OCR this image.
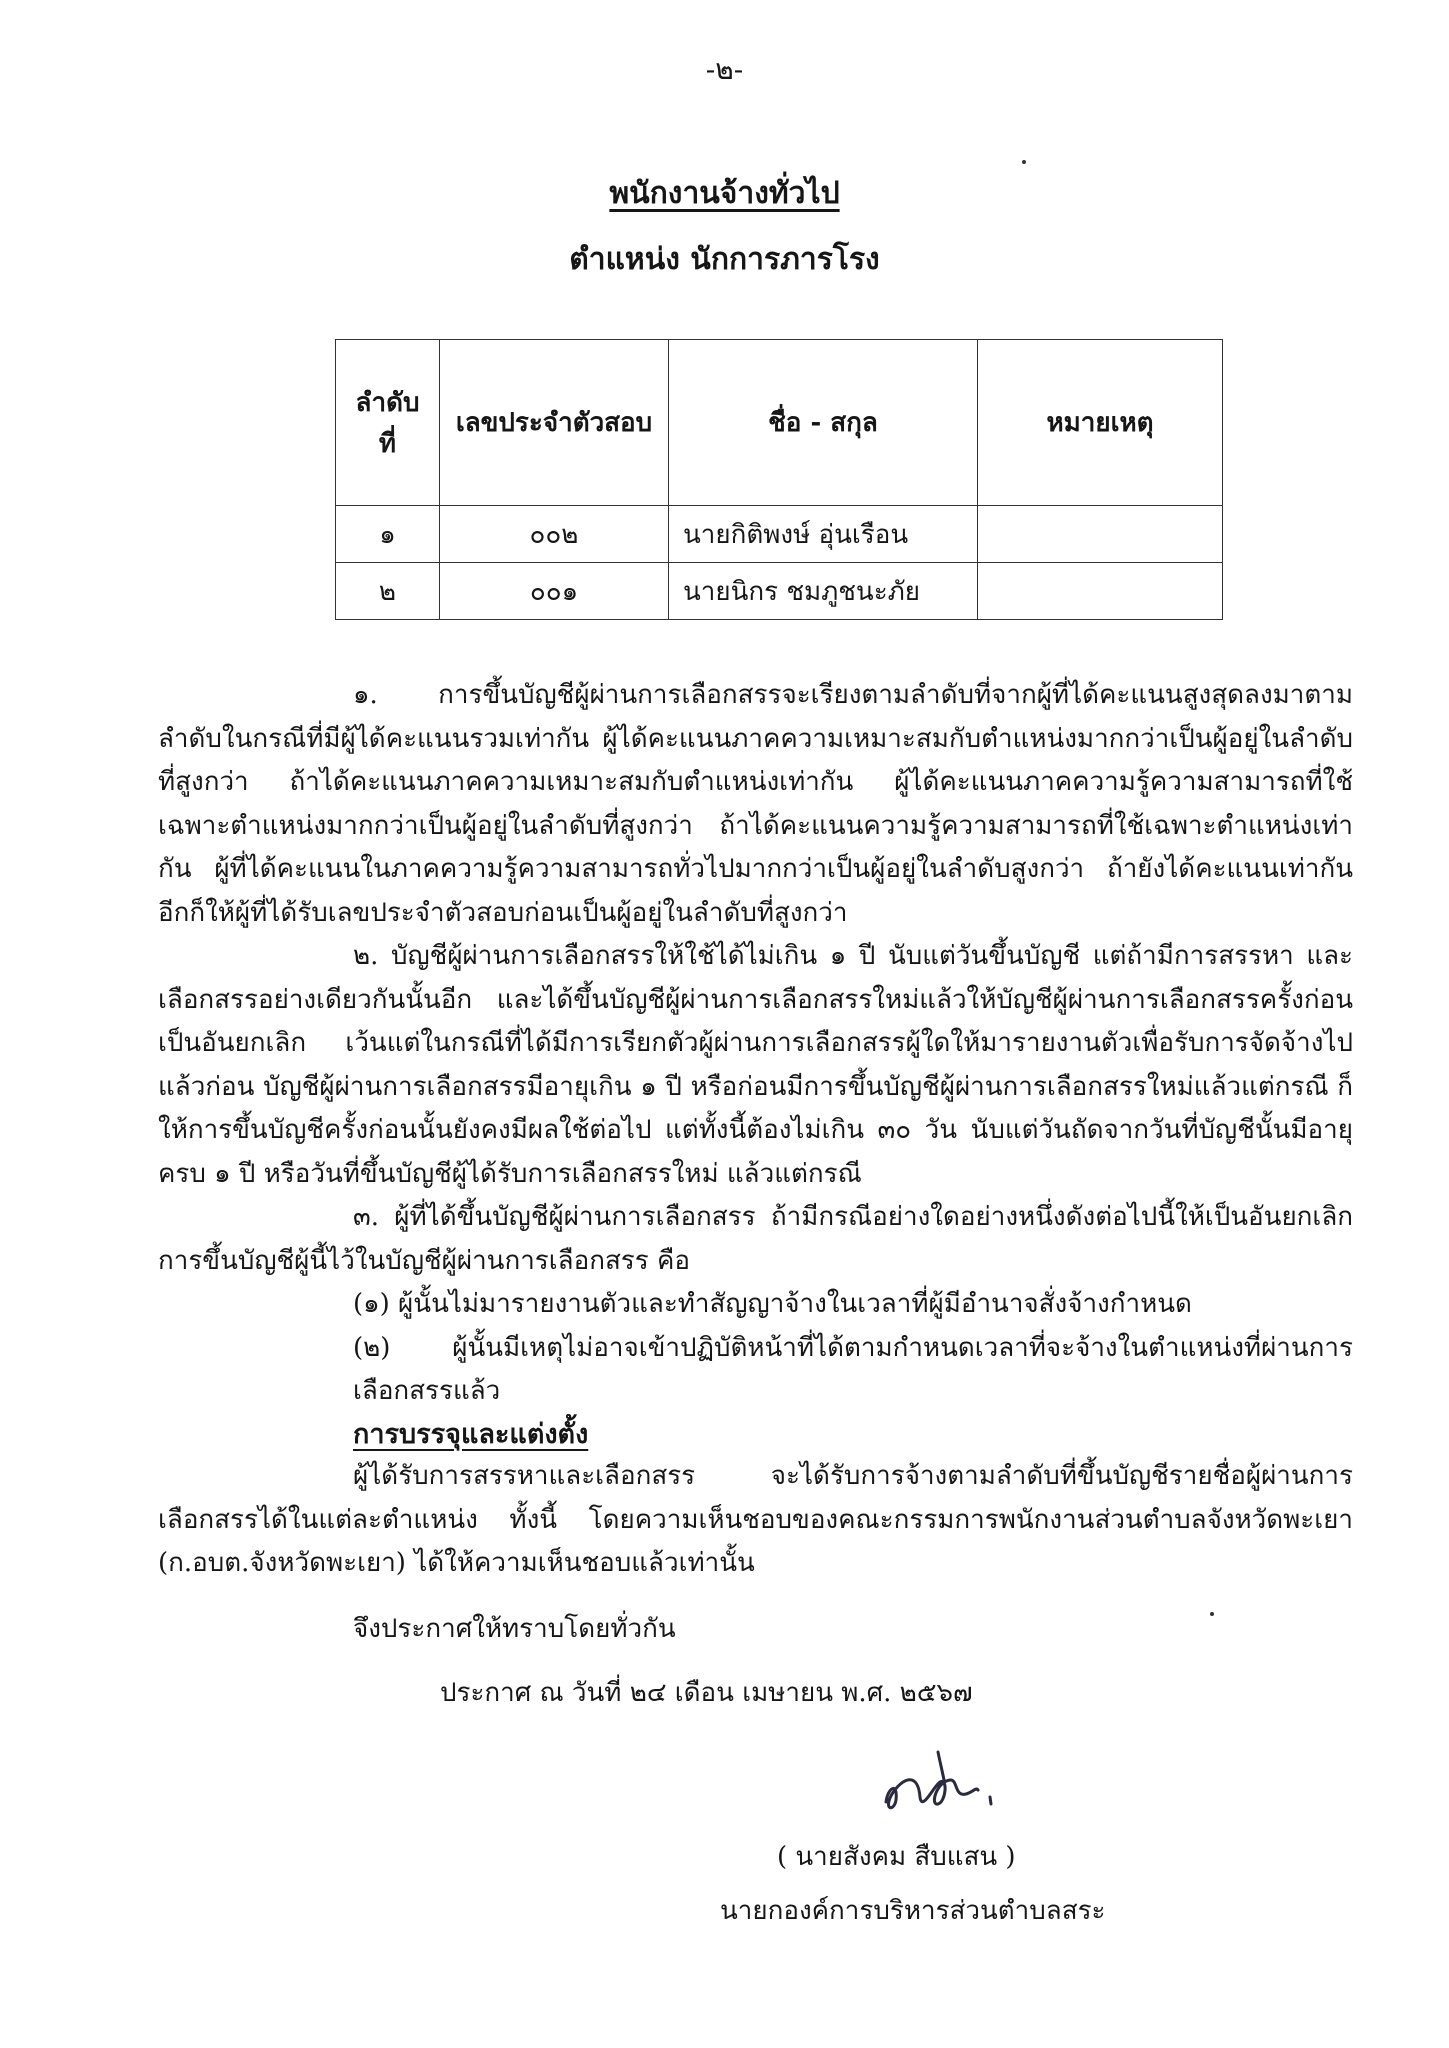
-๒-
พนักงานจ้างทั่วไป
ตำแหน่ง นักการภารโรง
ลำดับที่	เลขประจำตัวสอบ	ชื่อ - สกุล	หมายเหตุ
๑	๐๐๒	นายกิติพงษ์ อุ่นเรือน	
๒	๐๐๑	นายนิกร ชมภูชนะภัย	

๑. การขึ้นบัญชีผู้ผ่านการเลือกสรรจะเรียงตามลำดับที่จากผู้ที่ได้คะแนนสูงสุดลงมาตามลำดับในกรณีที่มีผู้ได้คะแนนรวมเท่ากัน ผู้ได้คะแนนภาคความเหมาะสมกับตำแหน่งมากกว่าเป็นผู้อยู่ในลำดับที่สูงกว่า ถ้าได้คะแนนภาคความเหมาะสมกับตำแหน่งเท่ากัน ผู้ได้คะแนนภาคความรู้ความสามารถที่ใช้เฉพาะตำแหน่งมากกว่าเป็นผู้อยู่ในลำดับที่สูงกว่า ถ้าได้คะแนนความรู้ความสามารถที่ใช้เฉพาะตำแหน่งเท่ากัน ผู้ที่ได้คะแนนในภาคความรู้ความสามารถทั่วไปมากกว่าเป็นผู้อยู่ในลำดับสูงกว่า ถ้ายังได้คะแนนเท่ากันอีกก็ให้ผู้ที่ได้รับเลขประจำตัวสอบก่อนเป็นผู้อยู่ในลำดับที่สูงกว่า

๒. บัญชีผู้ผ่านการเลือกสรรให้ใช้ได้ไม่เกิน ๑ ปี นับแต่วันขึ้นบัญชี แต่ถ้ามีการสรรหา และเลือกสรรอย่างเดียวกันนั้นอีก และได้ขึ้นบัญชีผู้ผ่านการเลือกสรรใหม่แล้วให้บัญชีผู้ผ่านการเลือกสรรครั้งก่อนเป็นอันยกเลิก เว้นแต่ในกรณีที่ได้มีการเรียกตัวผู้ผ่านการเลือกสรรผู้ใดให้มารายงานตัวเพื่อรับการจัดจ้างไปแล้วก่อน บัญชีผู้ผ่านการเลือกสรรมีอายุเกิน ๑ ปี หรือก่อนมีการขึ้นบัญชีผู้ผ่านการเลือกสรรใหม่แล้วแต่กรณี ก็ให้การขึ้นบัญชีครั้งก่อนนั้นยังคงมีผลใช้ต่อไป แต่ทั้งนี้ต้องไม่เกิน ๓๐ วัน นับแต่วันถัดจากวันที่บัญชีนั้นมีอายุครบ ๑ ปี หรือวันที่ขึ้นบัญชีผู้ได้รับการเลือกสรรใหม่ แล้วแต่กรณี

๓. ผู้ที่ได้ขึ้นบัญชีผู้ผ่านการเลือกสรร ถ้ามีกรณีอย่างใดอย่างหนึ่งดังต่อไปนี้ให้เป็นอันยกเลิกการขึ้นบัญชีผู้นี้ไว้ในบัญชีผู้ผ่านการเลือกสรร คือ

(๑) ผู้นั้นไม่มารายงานตัวและทำสัญญาจ้างในเวลาที่ผู้มีอำนาจสั่งจ้างกำหนด

(๒) ผู้นั้นมีเหตุไม่อาจเข้าปฏิบัติหน้าที่ได้ตามกำหนดเวลาที่จะจ้างในตำแหน่งที่ผ่านการเลือกสรรแล้ว

การบรรจุและแต่งตั้ง

ผู้ได้รับการสรรหาและเลือกสรร จะได้รับการจ้างตามลำดับที่ขึ้นบัญชีรายชื่อผู้ผ่านการเลือกสรรได้ในแต่ละตำแหน่ง ทั้งนี้ โดยความเห็นชอบของคณะกรรมการพนักงานส่วนตำบลจังหวัดพะเยา (ก.อบต.จังหวัดพะเยา) ได้ให้ความเห็นชอบแล้วเท่านั้น

จึงประกาศให้ทราบโดยทั่วกัน
ประกาศ ณ วันที่ ๒๔ เดือน เมษายน พ.ศ. ๒๕๖๗
( นายสังคม สืบแสน )
นายกองค์การบริหารส่วนตำบลสระ
